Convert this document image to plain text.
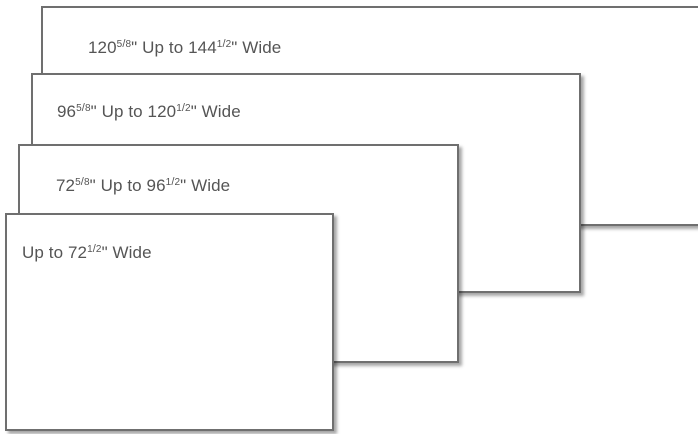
$120^{5/8}$" Up to $144^{1/2}$" Wide
$96^{5/8}$" Up to $120^{1/2}$" Wide
$72^{5/8}$" Up to $96^{1/2}$" Wide
Up to $72^{1/2}$" Wide
